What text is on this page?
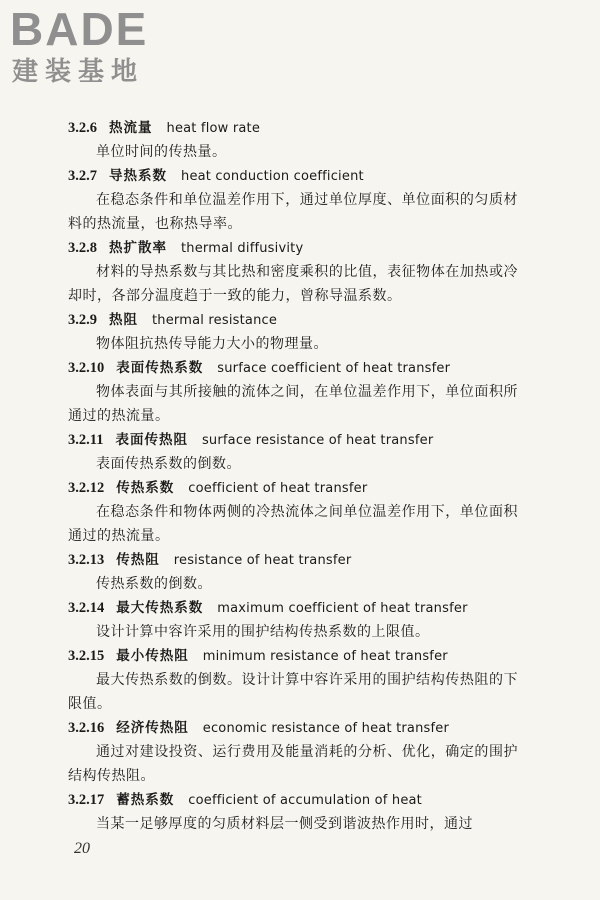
BADE
建装基地
3.2.6 热流量 heat flow rate

单位时间的传热量。

3.2.7 导热系数 heat conduction coefficient

在稳态条件和单位温差作用下，通过单位厚度、单位面积的匀质材料的热流量，也称热导率。

3.2.8 热扩散率 thermal diffusivity

材料的导热系数与其比热和密度乘积的比值，表征物体在加热或冷却时，各部分温度趋于一致的能力，曾称导温系数。

3.2.9 热阻 thermal resistance

物体阻抗热传导能力大小的物理量。

3.2.10 表面传热系数 surface coefficient of heat transfer

物体表面与其所接触的流体之间，在单位温差作用下，单位面积所通过的热流量。

3.2.11 表面传热阻 surface resistance of heat transfer

表面传热系数的倒数。

3.2.12 传热系数 coefficient of heat transfer

在稳态条件和物体两侧的冷热流体之间单位温差作用下，单位面积通过的热流量。

3.2.13 传热阻 resistance of heat transfer

传热系数的倒数。

3.2.14 最大传热系数 maximum coefficient of heat transfer

设计计算中容许采用的围护结构传热系数的上限值。

3.2.15 最小传热阻 minimum resistance of heat transfer

最大传热系数的倒数。设计计算中容许采用的围护结构传热阻的下限值。

3.2.16 经济传热阻 economic resistance of heat transfer

通过对建设投资、运行费用及能量消耗的分析、优化，确定的围护结构传热阻。

3.2.17 蓄热系数 coefficient of accumulation of heat

当某一足够厚度的匀质材料层一侧受到谐波热作用时，通过

20
